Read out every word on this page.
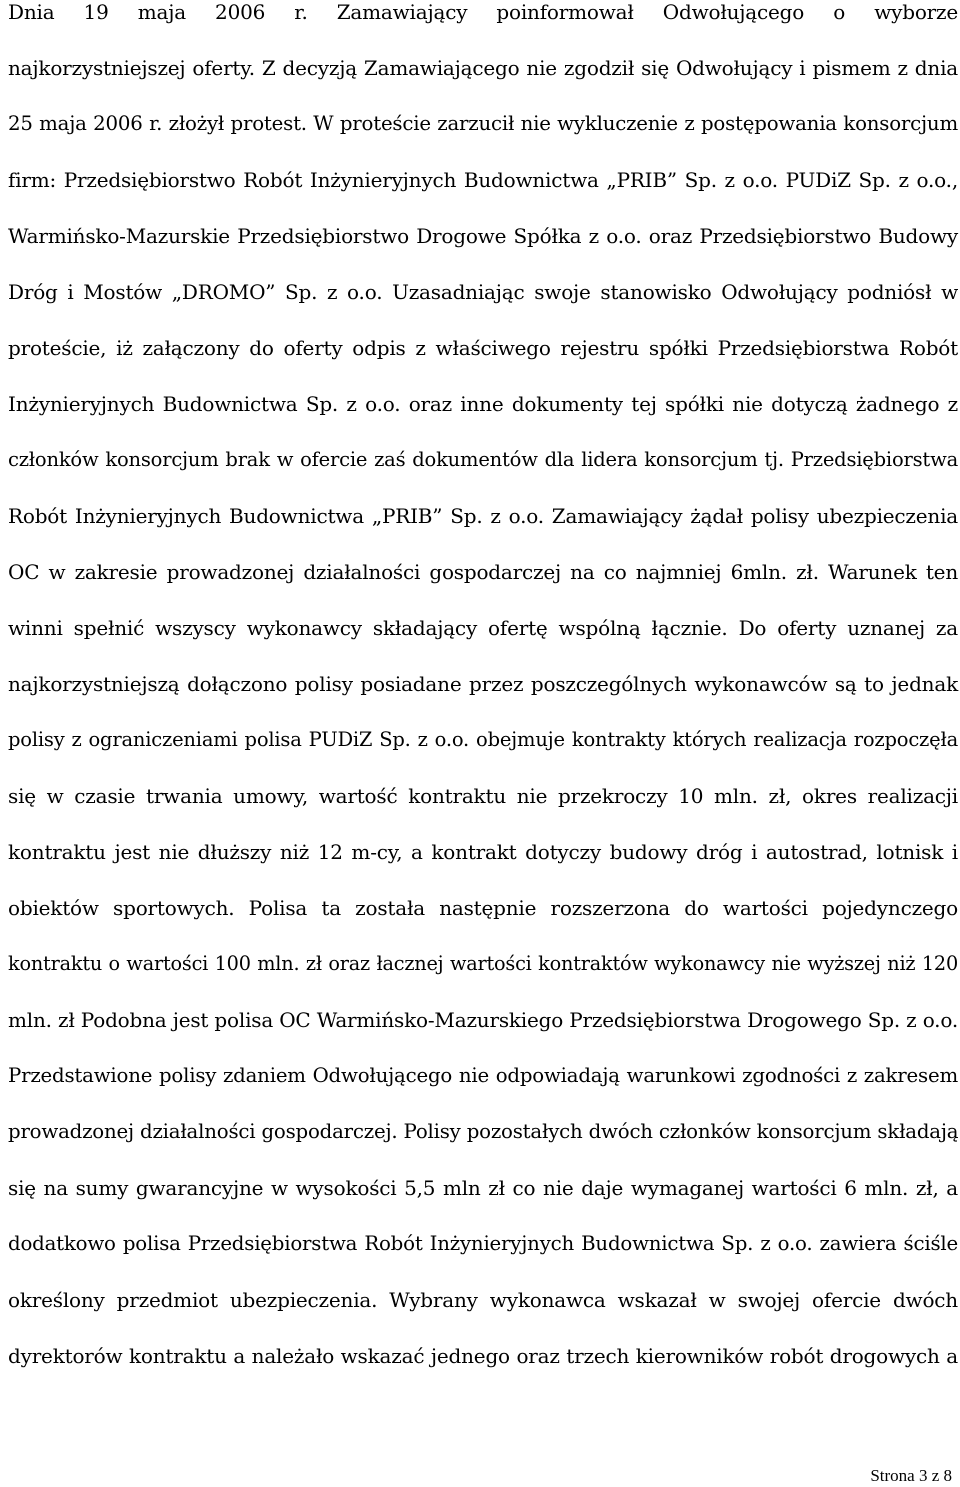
Dnia 19 maja 2006 r. Zamawiający poinformował Odwołującego o wyborze
najkorzystniejszej oferty. Z decyzją Zamawiającego nie zgodził się Odwołujący i pismem z dnia
25 maja 2006 r. złożył protest. W proteście zarzucił nie wykluczenie z postępowania konsorcjum
firm: Przedsiębiorstwo Robót Inżynieryjnych Budownictwa „PRIB” Sp. z o.o. PUDiZ Sp. z o.o.,
Warmińsko-Mazurskie Przedsiębiorstwo Drogowe Spółka z o.o. oraz Przedsiębiorstwo Budowy
Dróg i Mostów „DROMO” Sp. z o.o. Uzasadniając swoje stanowisko Odwołujący podniósł w
proteście, iż załączony do oferty odpis z właściwego rejestru spółki Przedsiębiorstwa Robót
Inżynieryjnych Budownictwa Sp. z o.o. oraz inne dokumenty tej spółki nie dotyczą żadnego z
członków konsorcjum brak w ofercie zaś dokumentów dla lidera konsorcjum tj. Przedsiębiorstwa
Robót Inżynieryjnych Budownictwa „PRIB” Sp. z o.o. Zamawiający żądał polisy ubezpieczenia
OC w zakresie prowadzonej działalności gospodarczej na co najmniej 6mln. zł. Warunek ten
winni spełnić wszyscy wykonawcy składający ofertę wspólną łącznie. Do oferty uznanej za
najkorzystniejszą dołączono polisy posiadane przez poszczególnych wykonawców są to jednak
polisy z ograniczeniami polisa PUDiZ Sp. z o.o. obejmuje kontrakty których realizacja rozpoczęła
się w czasie trwania umowy, wartość kontraktu nie przekroczy 10 mln. zł, okres realizacji
kontraktu jest nie dłuższy niż 12 m-cy, a kontrakt dotyczy budowy dróg i autostrad, lotnisk i
obiektów sportowych. Polisa ta została następnie rozszerzona do wartości pojedynczego
kontraktu o wartości 100 mln. zł oraz łacznej wartości kontraktów wykonawcy nie wyższej niż 120
mln. zł Podobna jest polisa OC Warmińsko-Mazurskiego Przedsiębiorstwa Drogowego Sp. z o.o.
Przedstawione polisy zdaniem Odwołującego nie odpowiadają warunkowi zgodności z zakresem
prowadzonej działalności gospodarczej. Polisy pozostałych dwóch członków konsorcjum składają
się na sumy gwarancyjne w wysokości 5,5 mln zł co nie daje wymaganej wartości 6 mln. zł, a
dodatkowo polisa Przedsiębiorstwa Robót Inżynieryjnych Budownictwa Sp. z o.o. zawiera ściśle
określony przedmiot ubezpieczenia. Wybrany wykonawca wskazał w swojej ofercie dwóch
dyrektorów kontraktu a należało wskazać jednego oraz trzech kierowników robót drogowych a
Strona 3 z 8
